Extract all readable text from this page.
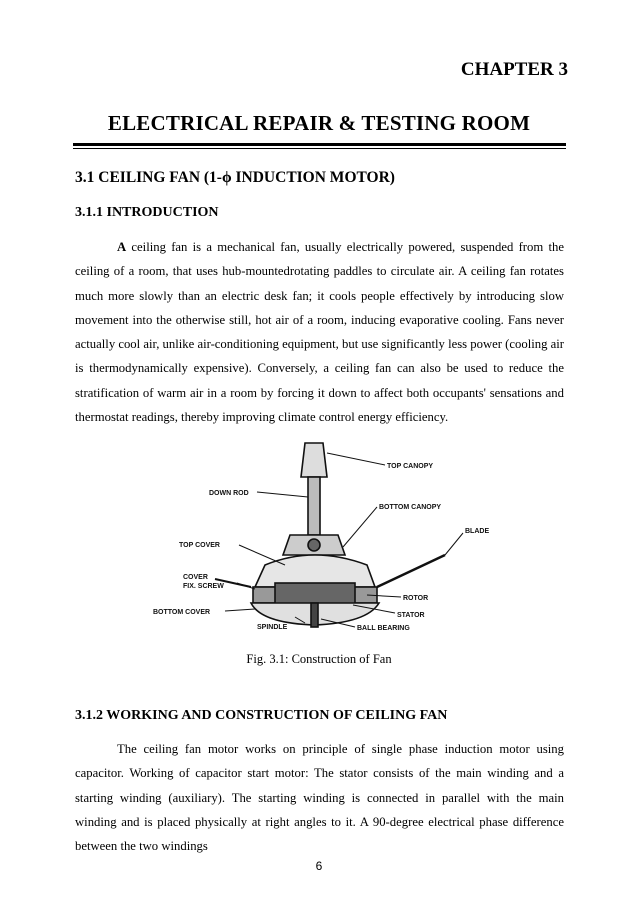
CHAPTER 3
ELECTRICAL REPAIR & TESTING ROOM
3.1 CEILING FAN (1-ϕ INDUCTION MOTOR)
3.1.1 INTRODUCTION

A ceiling fan is a mechanical fan, usually electrically powered, suspended from the ceiling of a room, that uses hub-mountedrotating paddles to circulate air. A ceiling fan rotates much more slowly than an electric desk fan; it cools people effectively by introducing slow movement into the otherwise still, hot air of a room, inducing evaporative cooling. Fans never actually cool air, unlike air-conditioning equipment, but use significantly less power (cooling air is thermodynamically expensive). Conversely, a ceiling fan can also be used to reduce the stratification of warm air in a room by forcing it down to affect both occupants' sensations and thermostat readings, thereby improving climate control energy efficiency.

TOP CANOPY
DOWN ROD
BOTTOM CANOPY
BLADE
TOP COVER
ROTOR
COVER
FIX. SCREW
STATOR
BOTTOM COVER
SPINDLE	BALL BEARING
Fig. 3.1: Construction of Fan
3.1.2 WORKING AND CONSTRUCTION OF CEILING FAN

The ceiling fan motor works on principle of single phase induction motor using capacitor. Working of capacitor start motor: The stator consists of the main winding and a starting winding (auxiliary). The starting winding is connected in parallel with the main winding and is placed physically at right angles to it. A 90-degree electrical phase difference between the two windings

6
